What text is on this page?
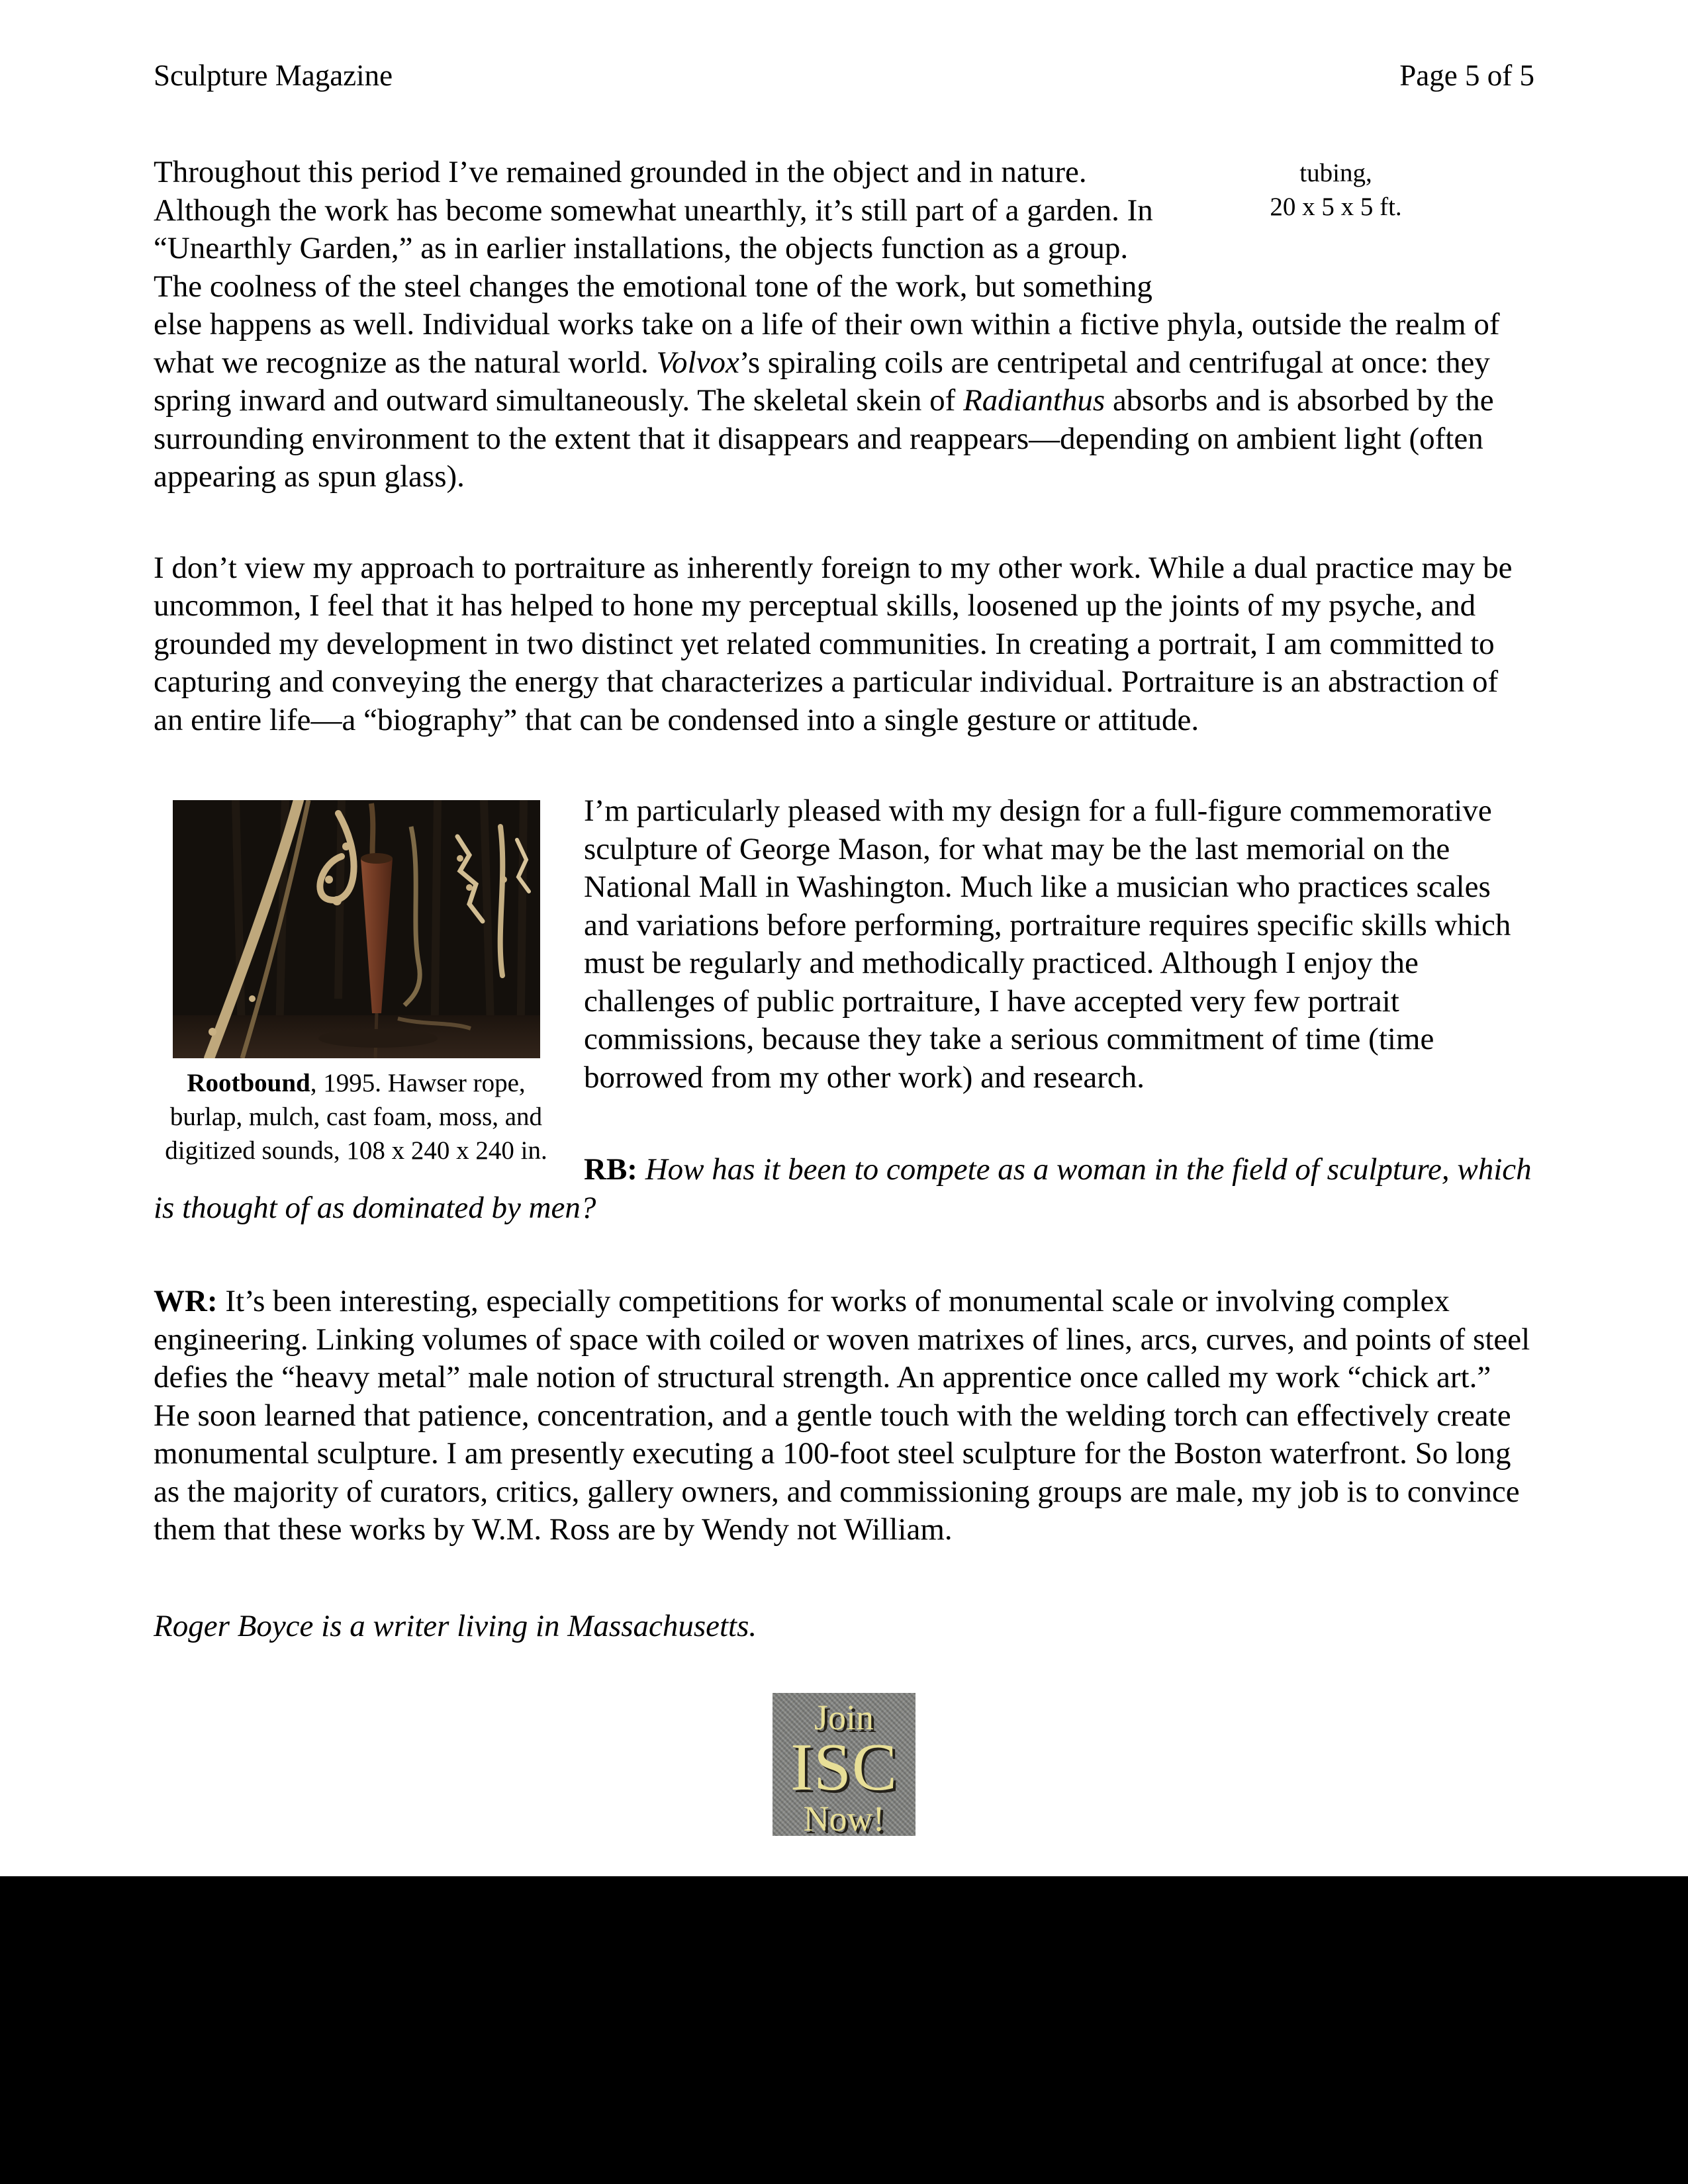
Sculpture Magazine	Page 5 of 5

tubing,
20 x 5 x 5 ft.
Throughout this period I’ve remained grounded in the object and in nature. Although the work has become somewhat unearthly, it’s still part of a garden. In “Unearthly Garden,” as in earlier installations, the objects function as a group. The coolness of the steel changes the emotional tone of the work, but something else happens as well. Individual works take on a life of their own within a fictive phyla, outside the realm of what we recognize as the natural world. Volvox’s spiraling coils are centripetal and centrifugal at once: they spring inward and outward simultaneously. The skeletal skein of Radianthus absorbs and is absorbed by the surrounding environment to the extent that it disappears and reappears—depending on ambient light (often appearing as spun glass).

I don’t view my approach to portraiture as inherently foreign to my other work. While a dual practice may be uncommon, I feel that it has helped to hone my perceptual skills, loosened up the joints of my psyche, and grounded my development in two distinct yet related communities. In creating a portrait, I am committed to capturing and conveying the energy that characterizes a particular individual. Portraiture is an abstraction of an entire life—a “biography” that can be condensed into a single gesture or attitude.

Rootbound, 1995. Hawser rope, burlap, mulch, cast foam, moss, and digitized sounds, 108 x 240 x 240 in.

I’m particularly pleased with my design for a full-figure commemorative sculpture of George Mason, for what may be the last memorial on the National Mall in Washington. Much like a musician who practices scales and variations before performing, portraiture requires specific skills which must be regularly and methodically practiced. Although I enjoy the challenges of public portraiture, I have accepted very few portrait commissions, because they take a serious commitment of time (time borrowed from my other work) and research.

RB: How has it been to compete as a woman in the field of sculpture, which is thought of as dominated by men?

WR: It’s been interesting, especially competitions for works of monumental scale or involving complex engineering. Linking volumes of space with coiled or woven matrixes of lines, arcs, curves, and points of steel defies the “heavy metal” male notion of structural strength. An apprentice once called my work “chick art.” He soon learned that patience, concentration, and a gentle touch with the welding torch can effectively create monumental sculpture. I am presently executing a 100-foot steel sculpture for the Boston waterfront. So long as the majority of curators, critics, gallery owners, and commissioning groups are male, my job is to convince them that these works by W.M. Ross are by Wendy not William.

Roger Boyce is a writer living in Massachusetts.

Join
ISC
Now!
